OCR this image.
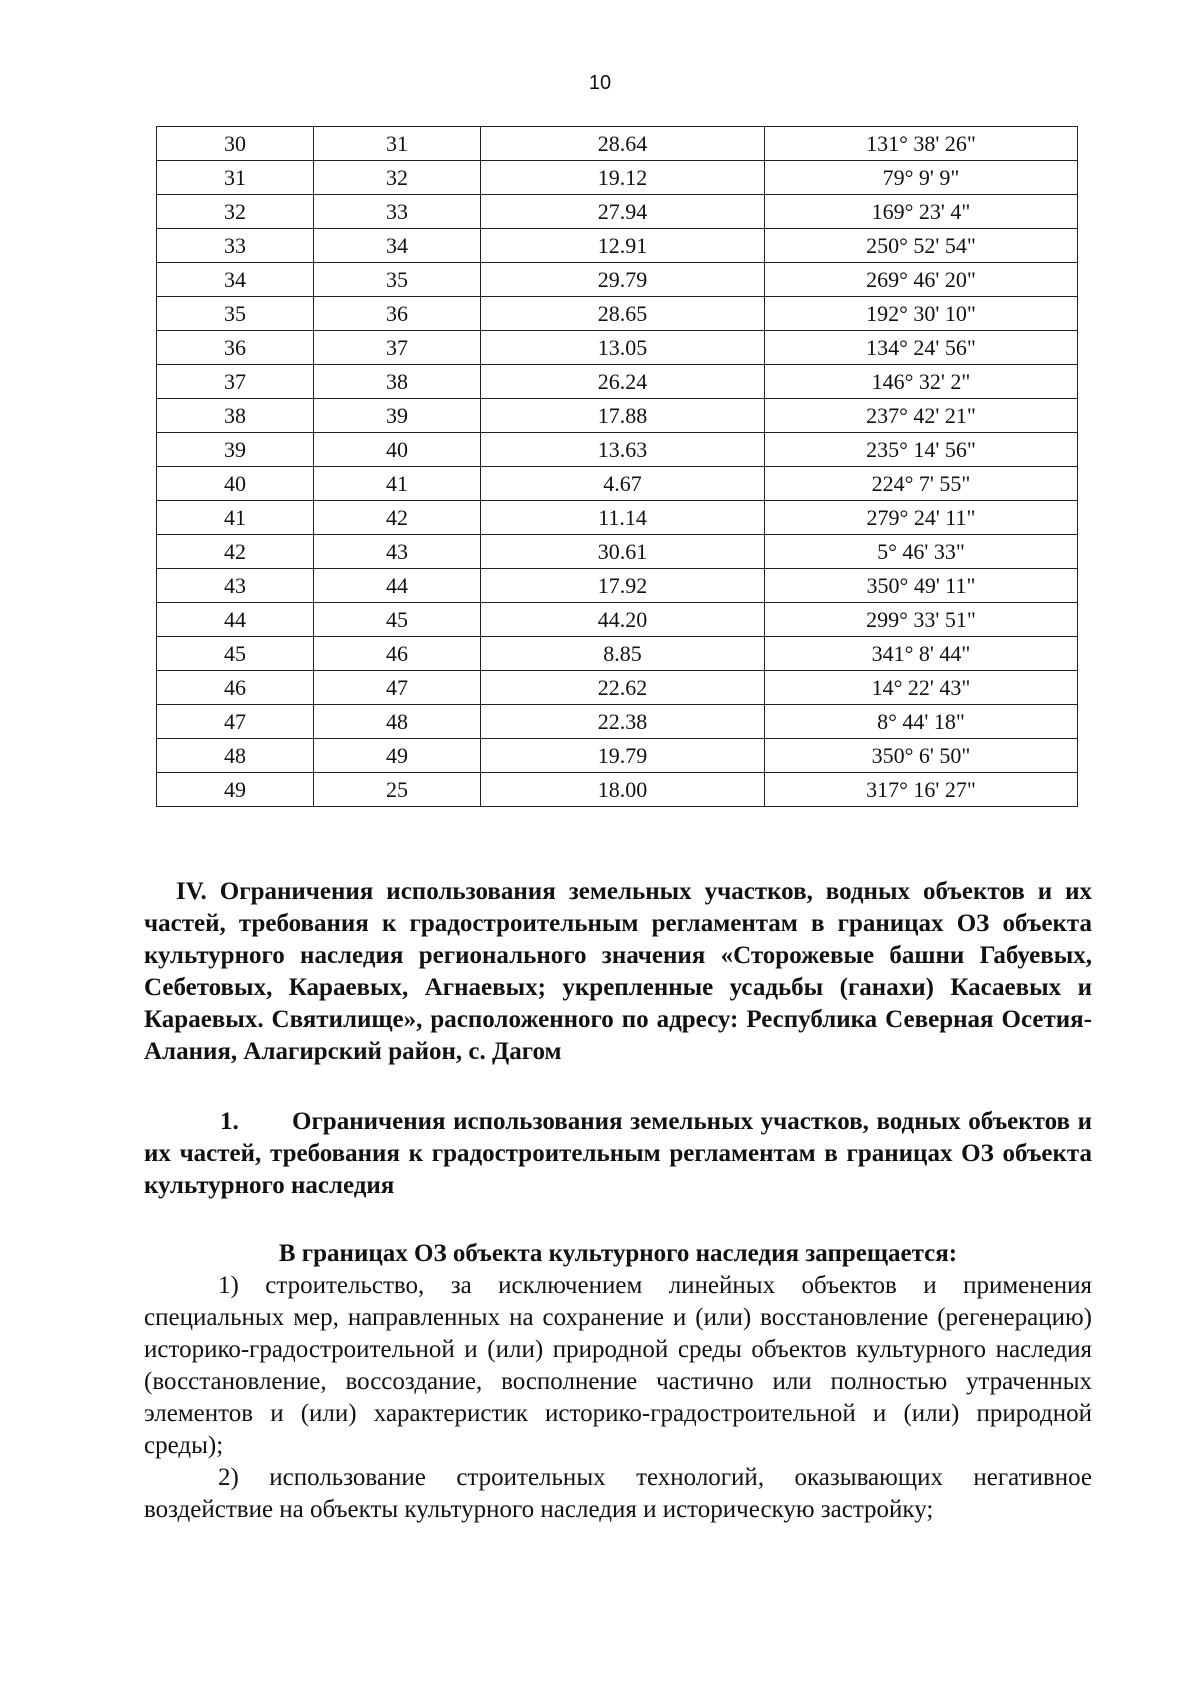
10
30	31	28.64	131° 38' 26"
31	32	19.12	79° 9' 9"
32	33	27.94	169° 23' 4"
33	34	12.91	250° 52' 54"
34	35	29.79	269° 46' 20"
35	36	28.65	192° 30' 10"
36	37	13.05	134° 24' 56"
37	38	26.24	146° 32' 2"
38	39	17.88	237° 42' 21"
39	40	13.63	235° 14' 56"
40	41	4.67	224° 7' 55"
41	42	11.14	279° 24' 11"
42	43	30.61	5° 46' 33"
43	44	17.92	350° 49' 11"
44	45	44.20	299° 33' 51"
45	46	8.85	341° 8' 44"
46	47	22.62	14° 22' 43"
47	48	22.38	8° 44' 18"
48	49	19.79	350° 6' 50"
49	25	18.00	317° 16' 27"

IV. Ограничения использования земельных участков, водных объектов и их частей, требования к градостроительным регламентам в границах ОЗ объекта культурного наследия регионального значения «Сторожевые башни Габуевых, Себетовых, Караевых, Агнаевых; укрепленные усадьбы (ганахи) Касаевых и Караевых. Святилище», расположенного по адресу: Республика Северная Осетия-Алания, Алагирский район, с. Дагом

1. Ограничения использования земельных участков, водных объектов и их частей, требования к градостроительным регламентам в границах ОЗ объекта культурного наследия

В границах ОЗ объекта культурного наследия запрещается:

1) строительство, за исключением линейных объектов и применения специальных мер, направленных на сохранение и (или) восстановление (регенерацию) историко-градостроительной и (или) природной среды объектов культурного наследия (восстановление, воссоздание, восполнение частично или полностью утраченных элементов и (или) характеристик историко-градостроительной и (или) природной среды);

2) использование строительных технологий, оказывающих негативное воздействие на объекты культурного наследия и историческую застройку;
